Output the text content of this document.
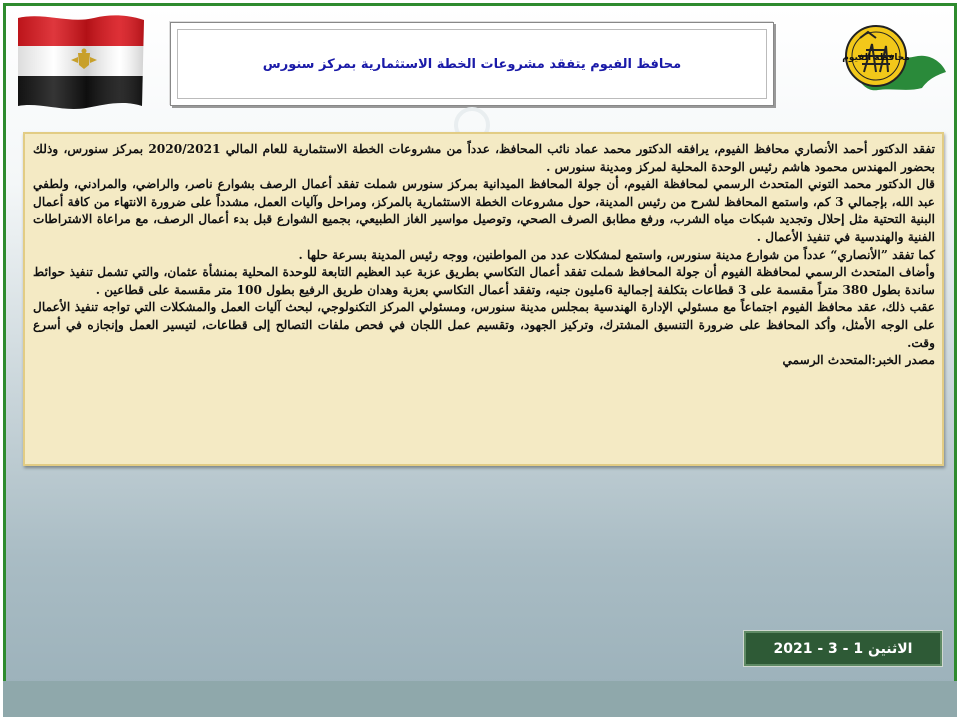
محافظة الفيوم
محافظ الفيوم يتفقد مشروعات الخطة الاستثمارية بمركز سنورس

تفقد الدكتور أحمد الأنصاري محافظ الفيوم، يرافقه الدكتور محمد عماد نائب المحافظ، عدداً من مشروعات الخطة الاستثمارية للعام المالي 2020/2021 بمركز سنورس، وذلك بحضور المهندس محمود هاشم رئيس الوحدة المحلية لمركز ومدينة سنورس .

قال الدكتور محمد التوني المتحدث الرسمي لمحافظة الفيوم، أن جولة المحافظ الميدانية بمركز سنورس شملت تفقد أعمال الرصف بشوارع ناصر، والراضي، والمرادني، ولطفي عبد الله، بإجمالي 3 كم، واستمع المحافظ لشرح من رئيس المدينة، حول مشروعات الخطة الاستثمارية بالمركز، ومراحل وآليات العمل، مشدداً على ضرورة الانتهاء من كافة أعمال البنية التحتية مثل إحلال وتجديد شبكات مياه الشرب، ورفع مطابق الصرف الصحي، وتوصيل مواسير الغاز الطبيعي، بجميع الشوارع قبل بدء أعمال الرصف، مع مراعاة الاشتراطات الفنية والهندسية في تنفيذ الأعمال .

كما تفقد ”الأنصاري“ عدداً من شوارع مدينة سنورس، واستمع لمشكلات عدد من المواطنين، ووجه رئيس المدينة بسرعة حلها .

وأضاف المتحدث الرسمي لمحافظة الفيوم أن جولة المحافظ شملت تفقد أعمال التكاسي بطريق عزبة عبد العظيم التابعة للوحدة المحلية بمنشأة عثمان، والتي تشمل تنفيذ حوائط ساندة بطول 380 متراً مقسمة على 3 قطاعات بتكلفة إجمالية 6مليون جنيه، وتفقد أعمال التكاسي بعزبة وهدان طريق الرفيع بطول 100 متر مقسمة على قطاعين .

عقب ذلك، عقد محافظ الفيوم اجتماعاً مع مسئولي الإدارة الهندسية بمجلس مدينة سنورس، ومسئولي المركز التكنولوجي، لبحث آليات العمل والمشكلات التي تواجه تنفيذ الأعمال على الوجه الأمثل، وأكد المحافظ على ضرورة التنسيق المشترك، وتركيز الجهود، وتقسيم عمل اللجان في فحص ملفات التصالح إلى قطاعات، لتيسير العمل وإنجازه في أسرع وقت.

مصدر الخبر:المتحدث الرسمي

الاثنين 1 - 3 - 2021
